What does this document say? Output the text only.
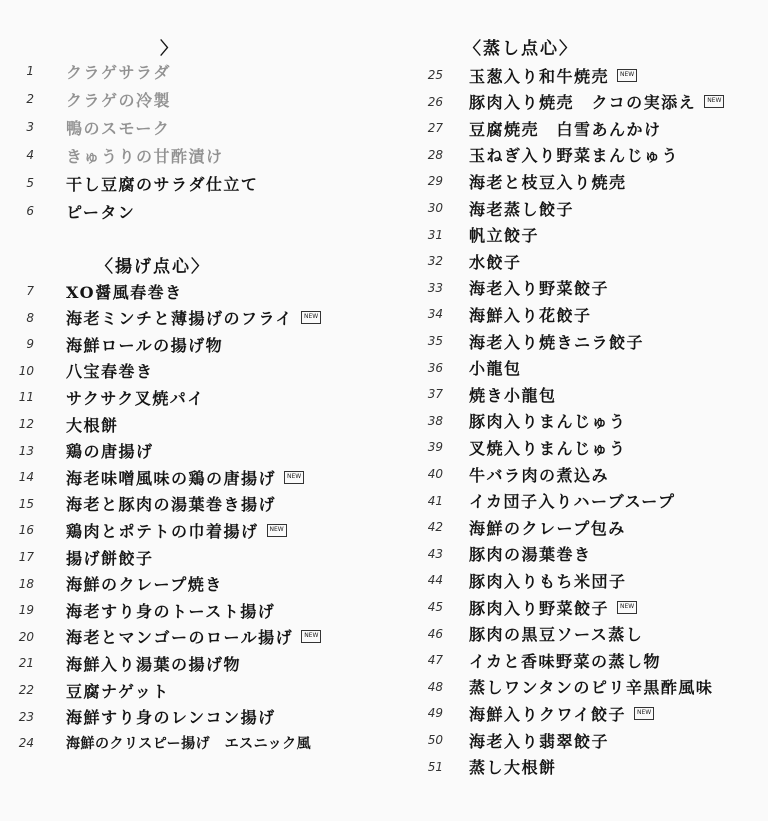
〉
1 クラゲサラダ
2 クラゲの冷製
3 鴨のスモーク
4 きゅうりの甘酢漬け
5 干し豆腐のサラダ仕立て
6 ピータン
〈揚げ点心〉
7 XO醤風春巻き
8 海老ミンチと薄揚げのフライ	NEW
9 海鮮ロールの揚げ物
10 八宝春巻き
11 サクサク叉焼パイ
12 大根餅
13 鶏の唐揚げ
14 海老味噌風味の鶏の唐揚げ	NEW
15 海老と豚肉の湯葉巻き揚げ
16 鶏肉とポテトの巾着揚げ	NEW
17 揚げ餅餃子
18 海鮮のクレープ焼き
19 海老すり身のトースト揚げ
20 海老とマンゴーのロール揚げ	NEW
21 海鮮入り湯葉の揚げ物
22 豆腐ナゲット
23 海鮮すり身のレンコン揚げ
24 海鮮のクリスピー揚げ　エスニック風
〈蒸し点心〉
25 玉葱入り和牛焼売	NEW
26 豚肉入り焼売　クコの実添え	NEW
27 豆腐焼売　白雪あんかけ
28 玉ねぎ入り野菜まんじゅう
29 海老と枝豆入り焼売
30 海老蒸し餃子
31 帆立餃子
32 水餃子
33 海老入り野菜餃子
34 海鮮入り花餃子
35 海老入り焼きニラ餃子
36 小龍包
37 焼き小龍包
38 豚肉入りまんじゅう
39 叉焼入りまんじゅう
40 牛バラ肉の煮込み
41 イカ団子入りハーブスープ
42 海鮮のクレープ包み
43 豚肉の湯葉巻き
44 豚肉入りもち米団子
45 豚肉入り野菜餃子	NEW
46 豚肉の黒豆ソース蒸し
47 イカと香味野菜の蒸し物
48 蒸しワンタンのピリ辛黒酢風味
49 海鮮入りクワイ餃子	NEW
50 海老入り翡翠餃子
51 蒸し大根餅
